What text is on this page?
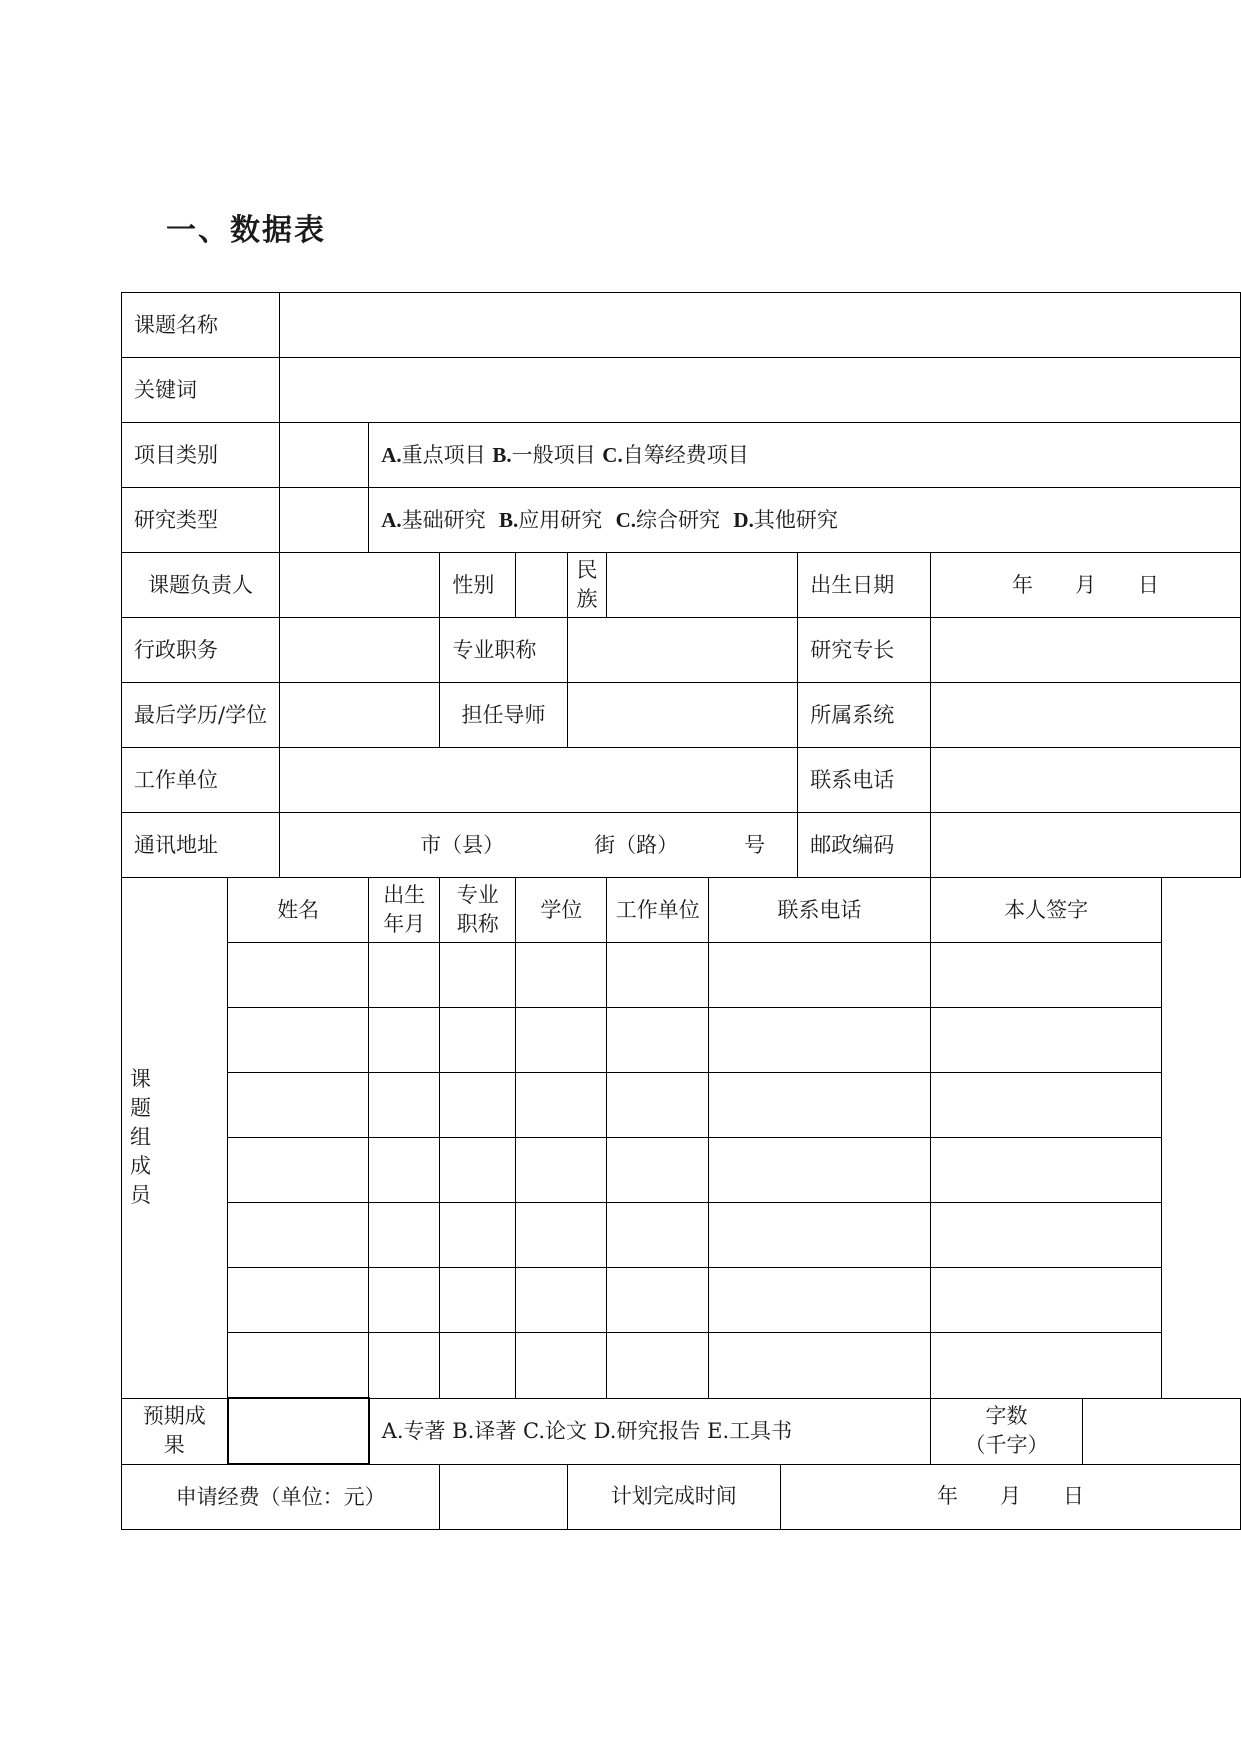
一、数据表
课题名称												
关键词												
项目类别			A.重点项目 B.一般项目 C.自筹经费项目									
研究类型			A.基础研究 B.应用研究 C.综合研究 D.其他研究									
课题负责人				性别		民族				出生日期	年   月   日	
行政职务				专业职称						研究专长		
最后学历/学位				担任导师						所属系统		
工作单位										联系电话		
通讯地址		市（县） 街（路） 号								邮政编码		
课题组成员	姓名		出生年月	专业职称	学位		工作单位	联系电话			本人签字	

预期成果			A.专著 B.译著 C.论文 D.研究报告 E.工具书								字数
（千字）	

申请经费（单位：元）						计划完成时间			年   月   日			
